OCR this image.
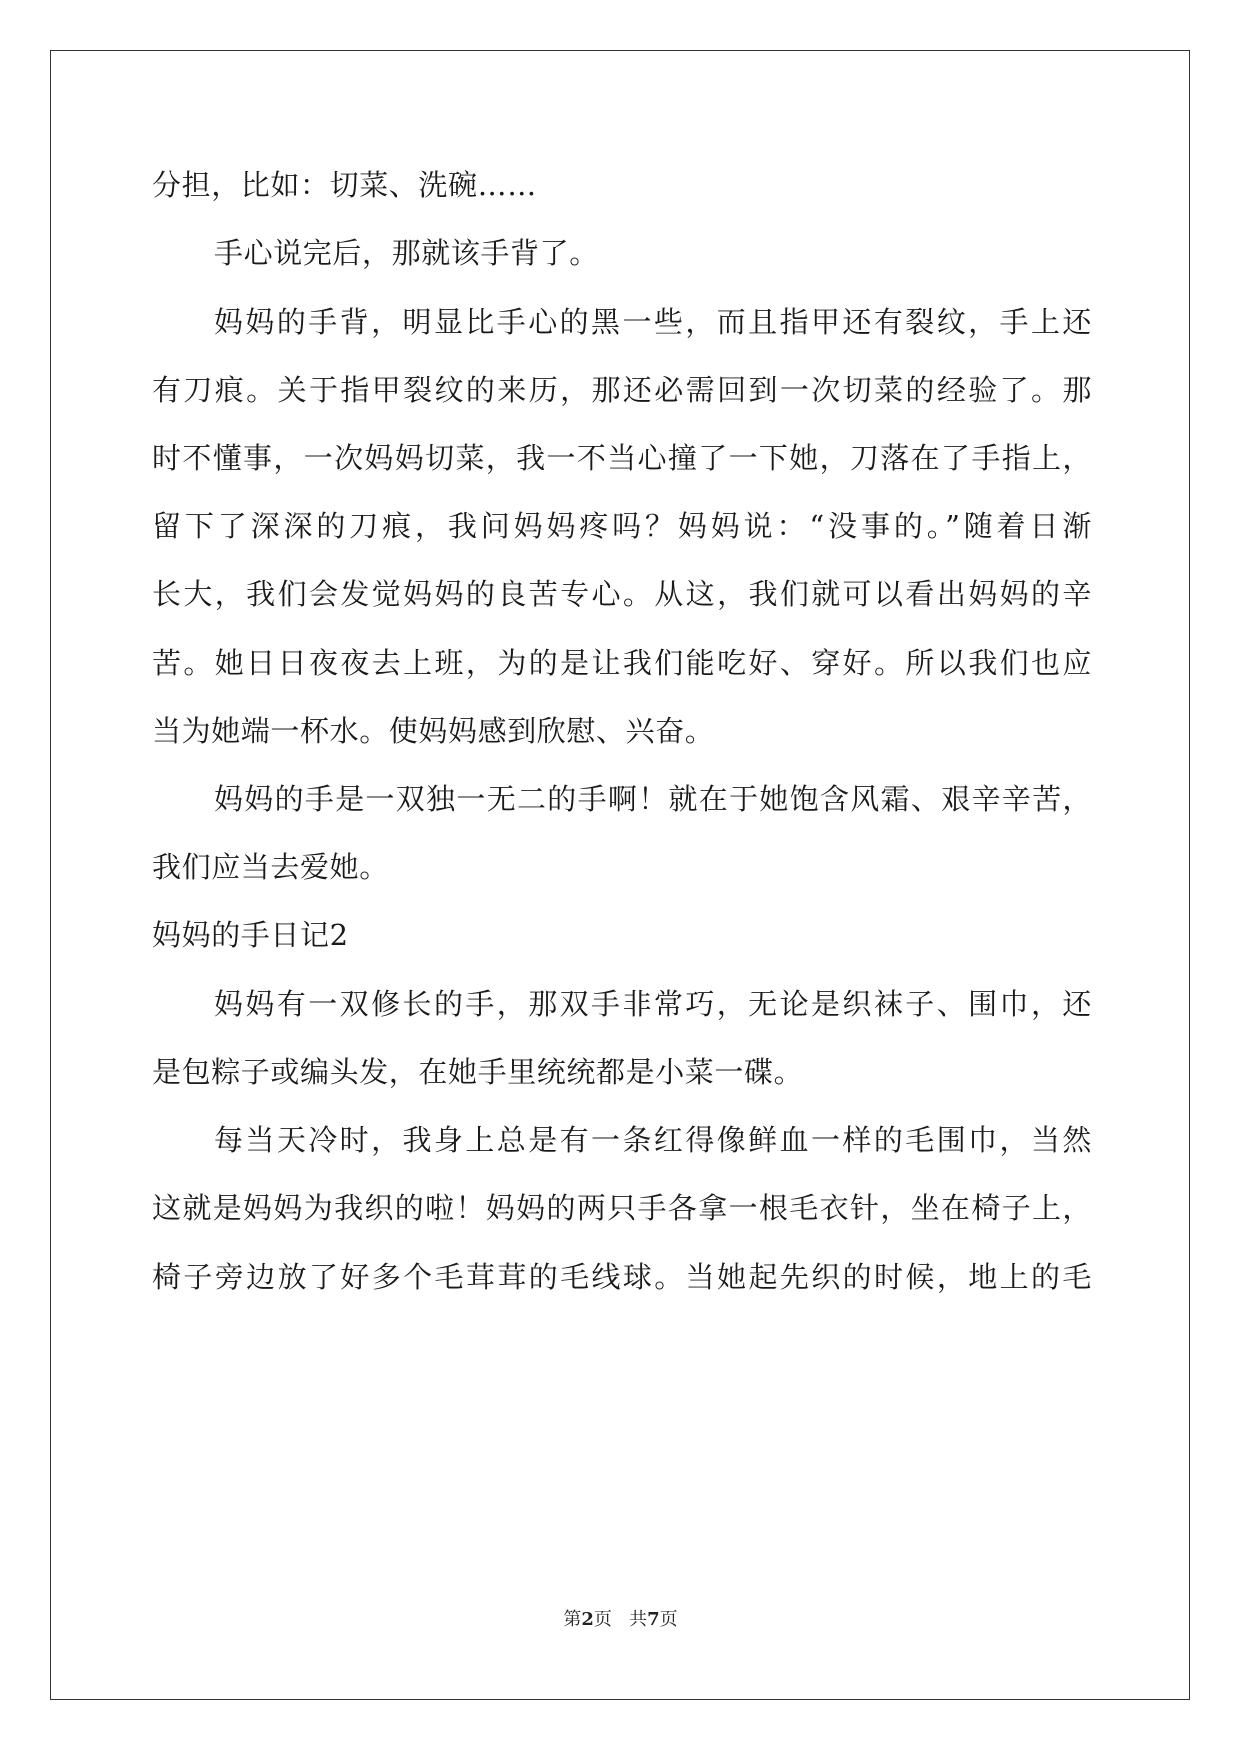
分担，比如：切菜、洗碗……
手心说完后，那就该手背了。
妈妈的手背，明显比手心的黑一些，而且指甲还有裂纹，手上还
有刀痕。关于指甲裂纹的来历，那还必需回到一次切菜的经验了。那
时不懂事，一次妈妈切菜，我一不当心撞了一下她，刀落在了手指上，
留下了深深的刀痕，我问妈妈疼吗？妈妈说：“没事的。”随着日渐
长大，我们会发觉妈妈的良苦专心。从这，我们就可以看出妈妈的辛
苦。她日日夜夜去上班，为的是让我们能吃好、穿好。所以我们也应
当为她端一杯水。使妈妈感到欣慰、兴奋。
妈妈的手是一双独一无二的手啊！就在于她饱含风霜、艰辛辛苦，
我们应当去爱她。
妈妈的手日记2
妈妈有一双修长的手，那双手非常巧，无论是织袜子、围巾，还
是包粽子或编头发，在她手里统统都是小菜一碟。
每当天冷时，我身上总是有一条红得像鲜血一样的毛围巾，当然
这就是妈妈为我织的啦！妈妈的两只手各拿一根毛衣针，坐在椅子上，
椅子旁边放了好多个毛茸茸的毛线球。当她起先织的时候，地上的毛
第2页 共7页
